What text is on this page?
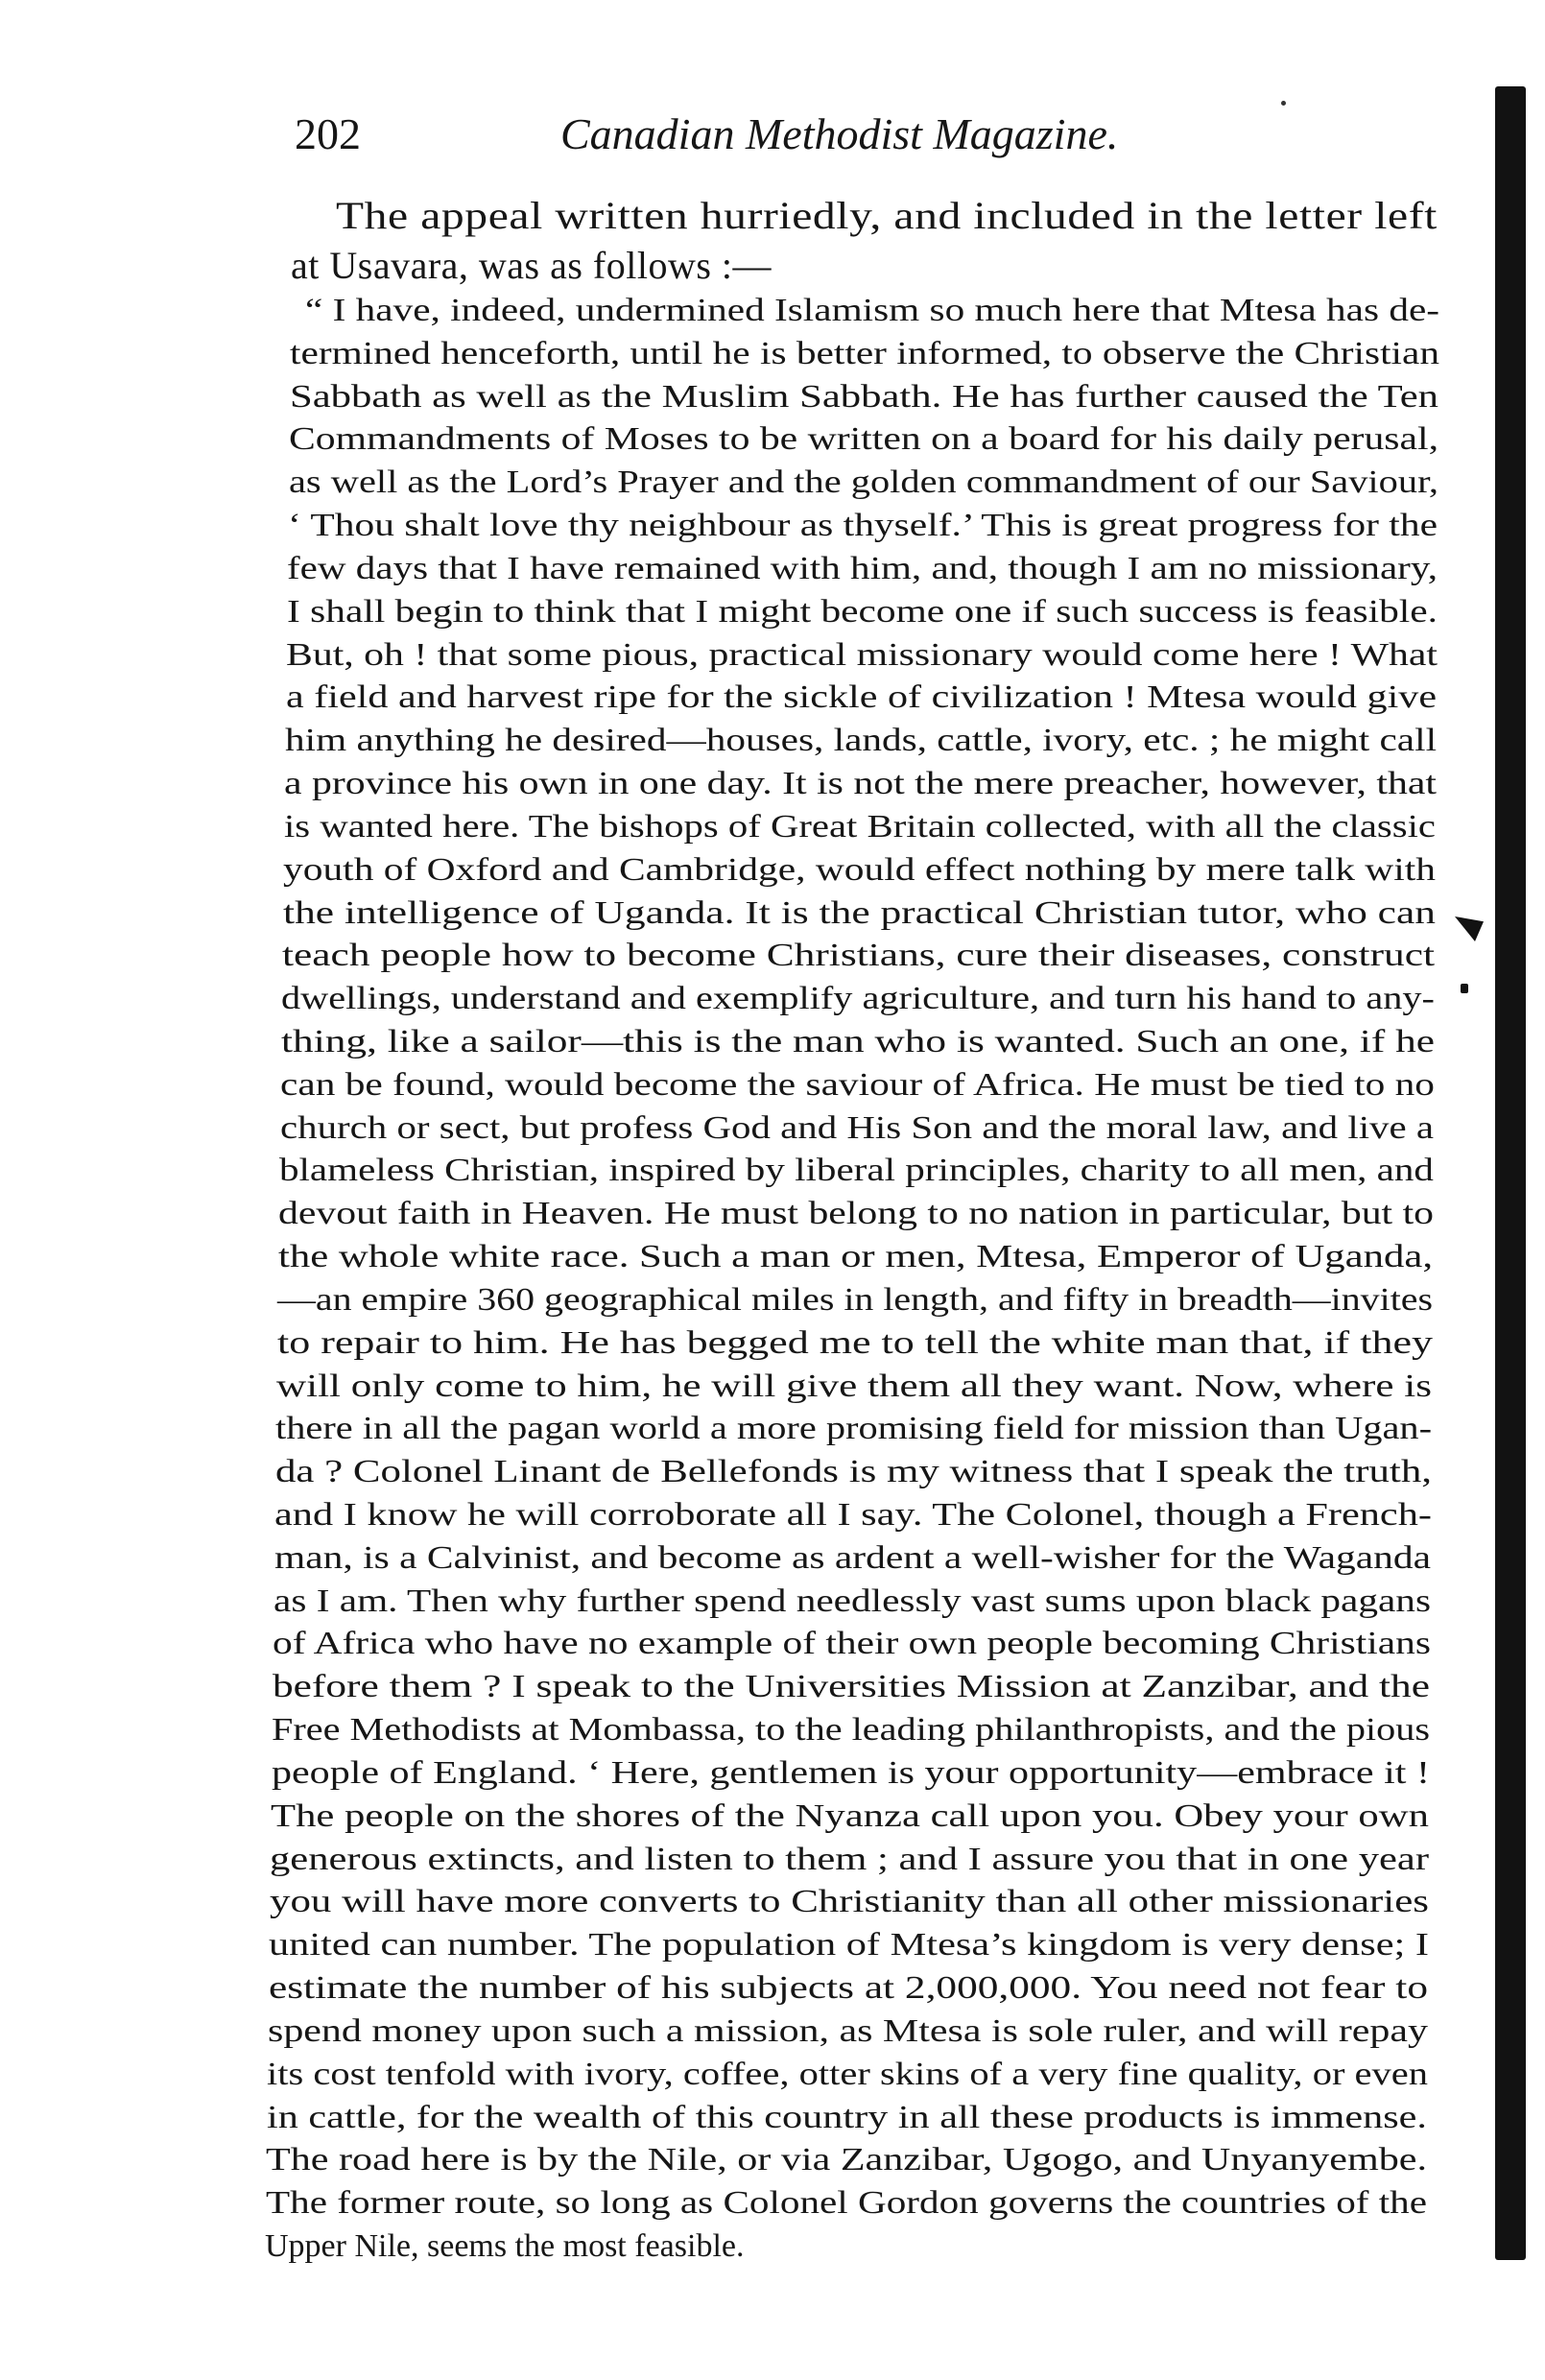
202	Canadian Methodist Magazine.
The appeal written hurriedly, and included in the letter left
at Usavara, was as follows :—
“ I have, indeed, undermined Islamism so much here that Mtesa has de-
termined henceforth, until he is better informed, to observe the Christian
Sabbath as well as the Muslim Sabbath. He has further caused the Ten
Commandments of Moses to be written on a board for his daily perusal,
as well as the Lord’s Prayer and the golden commandment of our Saviour,
‘ Thou shalt love thy neighbour as thyself.’ This is great progress for the
few days that I have remained with him, and, though I am no missionary,
I shall begin to think that I might become one if such success is feasible.
But, oh ! that some pious, practical missionary would come here ! What
a field and harvest ripe for the sickle of civilization ! Mtesa would give
him anything he desired—houses, lands, cattle, ivory, etc. ; he might call
a province his own in one day. It is not the mere preacher, however, that
is wanted here. The bishops of Great Britain collected, with all the classic
youth of Oxford and Cambridge, would effect nothing by mere talk with
the intelligence of Uganda. It is the practical Christian tutor, who can
teach people how to become Christians, cure their diseases, construct
dwellings, understand and exemplify agriculture, and turn his hand to any-
thing, like a sailor—this is the man who is wanted. Such an one, if he
can be found, would become the saviour of Africa. He must be tied to no
church or sect, but profess God and His Son and the moral law, and live a
blameless Christian, inspired by liberal principles, charity to all men, and
devout faith in Heaven. He must belong to no nation in particular, but to
the whole white race. Such a man or men, Mtesa, Emperor of Uganda,
—an empire 360 geographical miles in length, and fifty in breadth—invites
to repair to him. He has begged me to tell the white man that, if they
will only come to him, he will give them all they want. Now, where is
there in all the pagan world a more promising field for mission than Ugan-
da ? Colonel Linant de Bellefonds is my witness that I speak the truth,
and I know he will corroborate all I say. The Colonel, though a French-
man, is a Calvinist, and become as ardent a well-wisher for the Waganda
as I am. Then why further spend needlessly vast sums upon black pagans
of Africa who have no example of their own people becoming Christians
before them ? I speak to the Universities Mission at Zanzibar, and the
Free Methodists at Mombassa, to the leading philanthropists, and the pious
people of England. ‘ Here, gentlemen is your opportunity—embrace it !
The people on the shores of the Nyanza call upon you. Obey your own
generous extincts, and listen to them ; and I assure you that in one year
you will have more converts to Christianity than all other missionaries
united can number. The population of Mtesa’s kingdom is very dense; I
estimate the number of his subjects at 2,000,000. You need not fear to
spend money upon such a mission, as Mtesa is sole ruler, and will repay
its cost tenfold with ivory, coffee, otter skins of a very fine quality, or even
in cattle, for the wealth of this country in all these products is immense.
The road here is by the Nile, or via Zanzibar, Ugogo, and Unyanyembe.
The former route, so long as Colonel Gordon governs the countries of the
Upper Nile, seems the most feasible.
